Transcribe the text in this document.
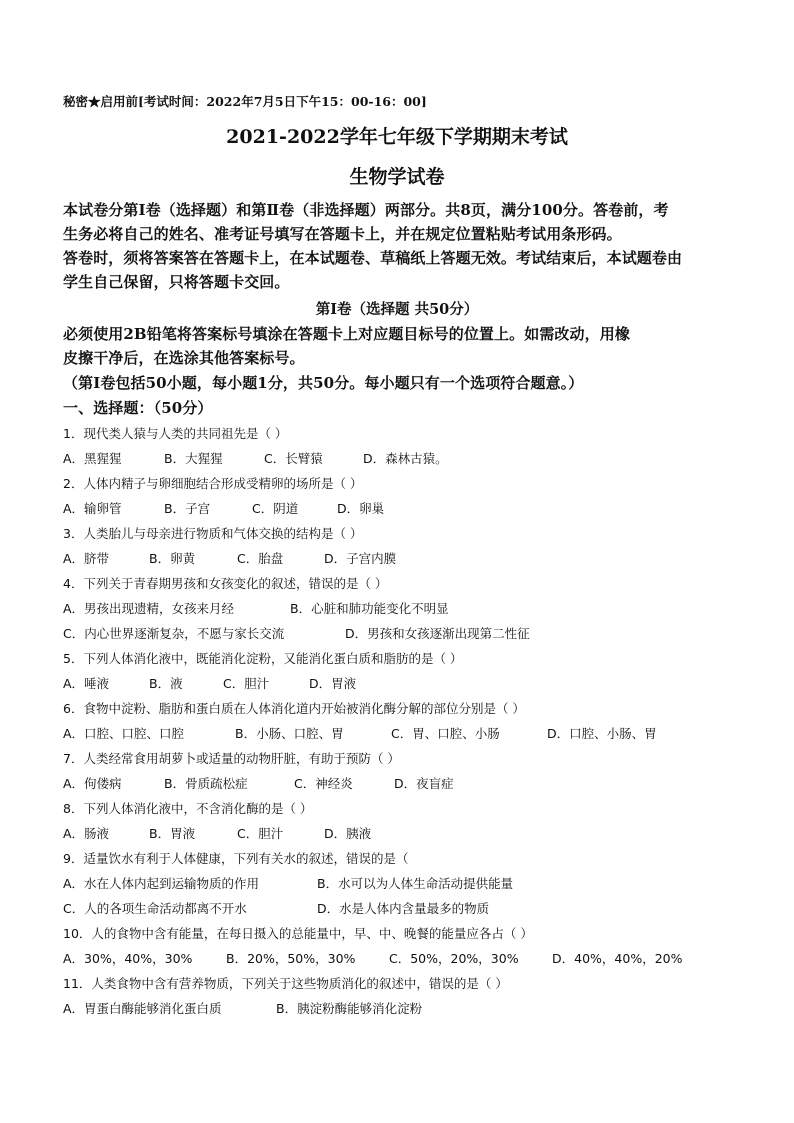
秘密★启用前[考试时间：2022年7月5日下午15：00-16：00]
2021-2022学年七年级下学期期末考试
生物学试卷
本试卷分第Ⅰ卷（选择题）和第Ⅱ卷（非选择题）两部分。共8页，满分100分。答卷前，考
生务必将自己的姓名、准考证号填写在答题卡上，并在规定位置粘贴考试用条形码。
答卷时，须将答案答在答题卡上，在本试题卷、草稿纸上答题无效。考试结束后，本试题卷由
学生自己保留，只将答题卡交回。
第Ⅰ卷（选择题 共50分）
必须使用2B铅笔将答案标号填涂在答题卡上对应题目标号的位置上。如需改动，用橡
皮擦干净后，在选涂其他答案标号。
（第Ⅰ卷包括50小题，每小题1分，共50分。每小题只有一个选项符合题意。）
一、选择题：（50分）
1．现代类人猿与人类的共同祖先是（ ）
A．黑猩猩	B．大猩猩	C．长臂猿	D．森林古猿。
2．人体内精子与卵细胞结合形成受精卵的场所是（ ）
A．输卵管	B．子宫	C．阴道	D．卵巢
3．人类胎儿与母亲进行物质和气体交换的结构是（ ）
A．脐带	B．卵黄	C．胎盘	D．子宫内膜
4．下列关于青春期男孩和女孩变化的叙述，错误的是（ ）
A．男孩出现遗精，女孩来月经	B．心脏和肺功能变化不明显
C．内心世界逐渐复杂，不愿与家长交流	D．男孩和女孩逐渐出现第二性征
5．下列人体消化液中，既能消化淀粉，又能消化蛋白质和脂肪的是（ ）
A．唾液	B．液	C．胆汁	D．胃液
6．食物中淀粉、脂肪和蛋白质在人体消化道内开始被消化酶分解的部位分别是（ ）
A．口腔、口腔、口腔	B．小肠、口腔、胃	C．胃、口腔、小肠	D．口腔、小肠、胃
7．人类经常食用胡萝卜或适量的动物肝脏，有助于预防（ ）
A．佝偻病	B．骨质疏松症	C．神经炎	D．夜盲症
8．下列人体消化液中，不含消化酶的是（ ）
A．肠液	B．胃液	C．胆汁	D．胰液
9．适量饮水有利于人体健康，下列有关水的叙述，错误的是（
A．水在人体内起到运输物质的作用	B．水可以为人体生命活动提供能量
C．人的各项生命活动都离不开水	D．水是人体内含量最多的物质
10．人的食物中含有能量，在每日摄入的总能量中，早、中、晚餐的能量应各占（ ）
A．30%，40%，30%	B．20%，50%，30%	C．50%，20%，30%	D．40%，40%，20%
11．人类食物中含有营养物质，下列关于这些物质消化的叙述中，错误的是（ ）
A．胃蛋白酶能够消化蛋白质	B．胰淀粉酶能够消化淀粉
